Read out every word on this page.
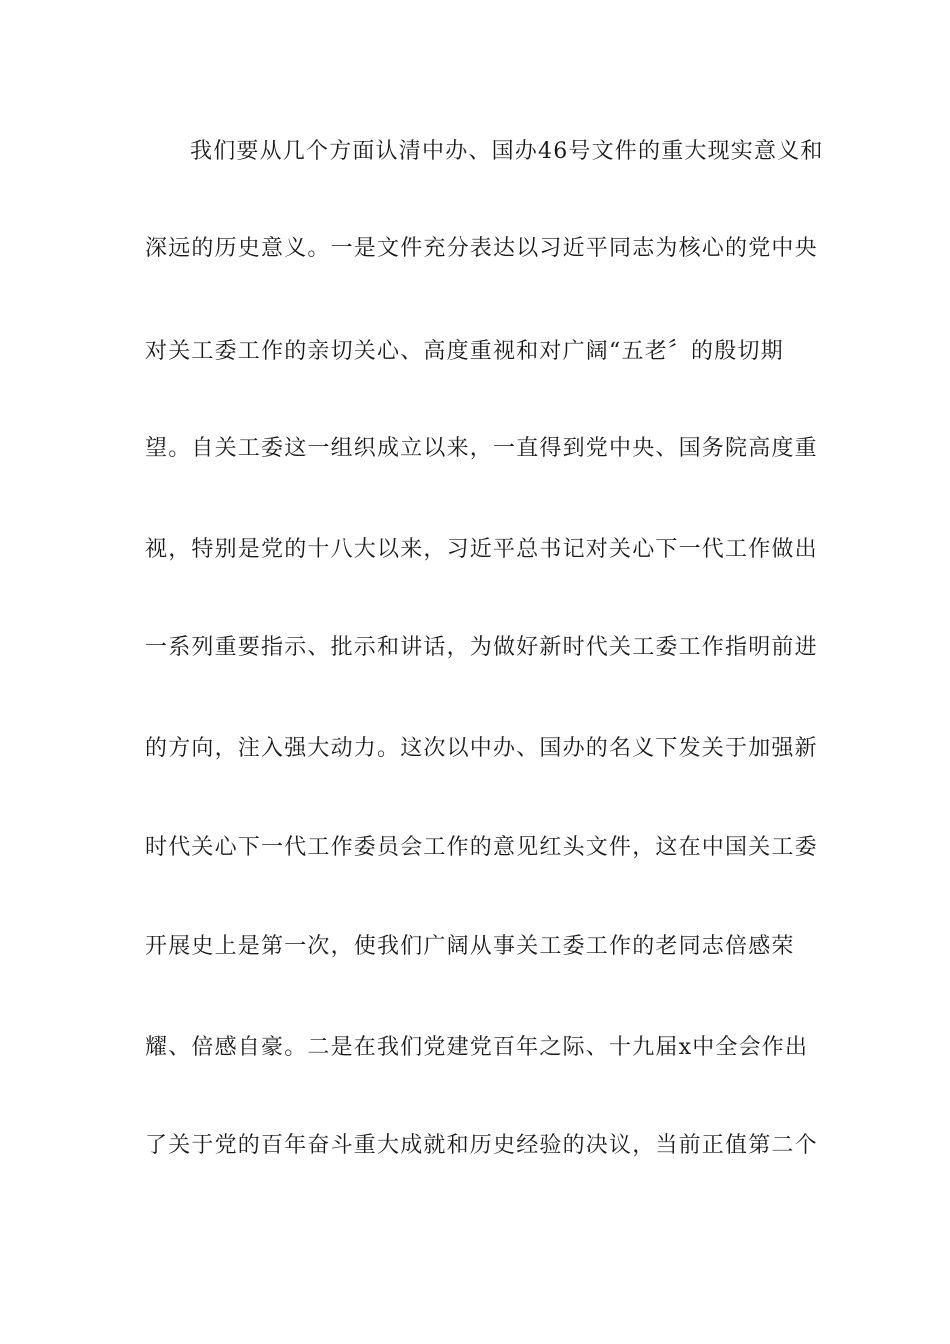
我们要从几个方面认清中办、国办46号文件的重大现实意义和
深远的历史意义。一是文件充分表达以习近平同志为核心的党中央
对关工委工作的亲切关心、高度重视和对广阔“五老〞的殷切期
望。自关工委这一组织成立以来，一直得到党中央、国务院高度重
视，特别是党的十八大以来，习近平总书记对关心下一代工作做出
一系列重要指示、批示和讲话，为做好新时代关工委工作指明前进
的方向，注入强大动力。这次以中办、国办的名义下发关于加强新
时代关心下一代工作委员会工作的意见红头文件，这在中国关工委
开展史上是第一次，使我们广阔从事关工委工作的老同志倍感荣
耀、倍感自豪。二是在我们党建党百年之际、十九届x中全会作出
了关于党的百年奋斗重大成就和历史经验的决议，当前正值第二个
